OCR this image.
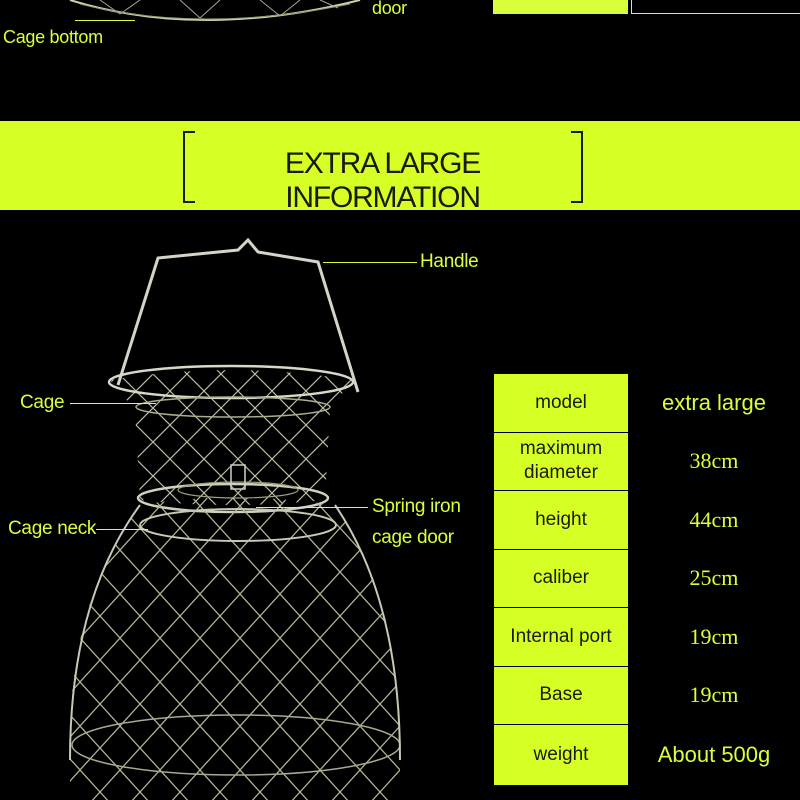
Cage bottom
door
EXTRA LARGE INFORMATION
Handle
Cage
Spring iron
cage door
Cage neck
model	extra large
maximum diameter	38cm
height	44cm
caliber	25cm
Internal port	19cm
Base	19cm
weight	About 500g
